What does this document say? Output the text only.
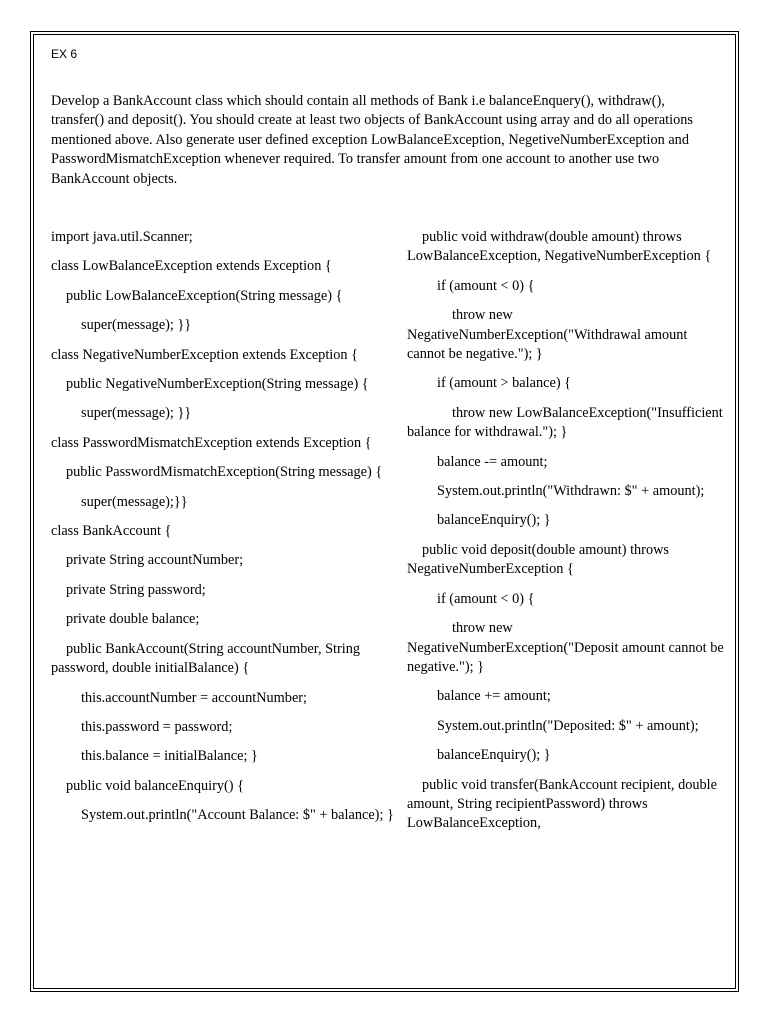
EX 6
Develop a BankAccount class which should contain all methods of Bank i.e balanceEnquery(), withdraw(), transfer() and deposit(). You should create at least two objects of BankAccount using array and do all operations mentioned above. Also generate user defined exception LowBalanceException, NegetiveNumberException and PasswordMismatchException whenever required. To transfer amount from one account to another use two BankAccount objects.

import java.util.Scanner;

class LowBalanceException extends Exception {

public LowBalanceException(String message) {

super(message); }}

class NegativeNumberException extends Exception {

public NegativeNumberException(String message) {

super(message); }}

class PasswordMismatchException extends Exception {

public PasswordMismatchException(String message) {

super(message);}}

class BankAccount {

private String accountNumber;

private String password;

private double balance;

public BankAccount(String accountNumber, String password, double initialBalance) {

this.accountNumber = accountNumber;

this.password = password;

this.balance = initialBalance; }

public void balanceEnquiry() {

System.out.println("Account Balance: $" + balance); }

public void withdraw(double amount) throws LowBalanceException, NegativeNumberException {

if (amount < 0) {

throw new NegativeNumberException("Withdrawal amount cannot be negative."); }

if (amount > balance) {

throw new LowBalanceException("Insufficient balance for withdrawal."); }

balance -= amount;

System.out.println("Withdrawn: $" + amount);

balanceEnquiry(); }

public void deposit(double amount) throws NegativeNumberException {

if (amount < 0) {

throw new NegativeNumberException("Deposit amount cannot be negative."); }

balance += amount;

System.out.println("Deposited: $" + amount);

balanceEnquiry(); }

public void transfer(BankAccount recipient, double amount, String recipientPassword) throws LowBalanceException,
